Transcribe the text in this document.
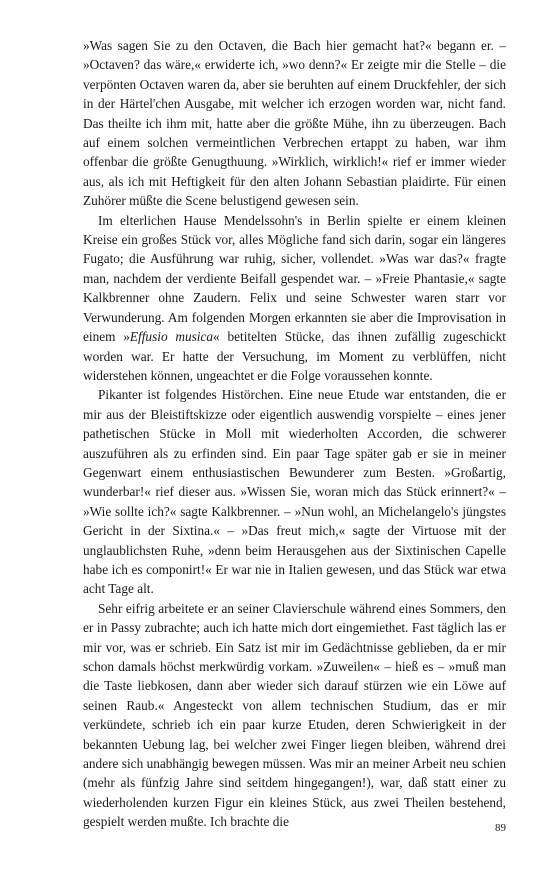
»Was sagen Sie zu den Octaven, die Bach hier gemacht hat?« begann er. – »Octaven? das wäre,« erwiderte ich, »wo denn?« Er zeigte mir die Stelle – die verpönten Octaven waren da, aber sie beruhten auf einem Druckfehler, der sich in der Härtel'chen Ausgabe, mit welcher ich erzogen worden war, nicht fand. Das theilte ich ihm mit, hatte aber die größte Mühe, ihn zu überzeugen. Bach auf einem solchen vermeintlichen Verbrechen ertappt zu haben, war ihm offenbar die größte Genugthuung. »Wirklich, wirklich!« rief er immer wieder aus, als ich mit Heftigkeit für den alten Johann Sebastian plaidirte. Für einen Zuhörer müßte die Scene belustigend gewesen sein.

Im elterlichen Hause Mendelssohn's in Berlin spielte er einem kleinen Kreise ein großes Stück vor, alles Mögliche fand sich darin, sogar ein längeres Fugato; die Ausführung war ruhig, sicher, vollendet. »Was war das?« fragte man, nachdem der verdiente Beifall gespendet war. – »Freie Phantasie,« sagte Kalkbrenner ohne Zaudern. Felix und seine Schwester waren starr vor Verwunderung. Am folgenden Morgen erkannten sie aber die Improvisation in einem »Effusio musica« betitelten Stücke, das ihnen zufällig zugeschickt worden war. Er hatte der Versuchung, im Moment zu verblüffen, nicht widerstehen können, ungeachtet er die Folge voraussehen konnte.

Pikanter ist folgendes Histörchen. Eine neue Etude war entstanden, die er mir aus der Bleistiftskizze oder eigentlich auswendig vorspielte – eines jener pathetischen Stücke in Moll mit wiederholten Accorden, die schwerer auszuführen als zu erfinden sind. Ein paar Tage später gab er sie in meiner Gegenwart einem enthusiastischen Bewunderer zum Besten. »Großartig, wunderbar!« rief dieser aus. »Wissen Sie, woran mich das Stück erinnert?« – »Wie sollte ich?« sagte Kalkbrenner. – »Nun wohl, an Michelangelo's jüngstes Gericht in der Sixtina.« – »Das freut mich,« sagte der Virtuose mit der unglaublichsten Ruhe, »denn beim Herausgehen aus der Sixtinischen Capelle habe ich es componirt!« Er war nie in Italien gewesen, und das Stück war etwa acht Tage alt.

Sehr eifrig arbeitete er an seiner Clavierschule während eines Sommers, den er in Passy zubrachte; auch ich hatte mich dort eingemiethet. Fast täglich las er mir vor, was er schrieb. Ein Satz ist mir im Gedächtnisse geblieben, da er mir schon damals höchst merkwürdig vorkam. »Zuweilen« – hieß es – »muß man die Taste liebkosen, dann aber wieder sich darauf stürzen wie ein Löwe auf seinen Raub.« Angesteckt von allem technischen Studium, das er mir verkündete, schrieb ich ein paar kurze Etuden, deren Schwierigkeit in der bekannten Uebung lag, bei welcher zwei Finger liegen bleiben, während drei andere sich unabhängig bewegen müssen. Was mir an meiner Arbeit neu schien (mehr als fünfzig Jahre sind seitdem hingegangen!), war, daß statt einer zu wiederholenden kurzen Figur ein kleines Stück, aus zwei Theilen bestehend, gespielt werden mußte. Ich brachte die	89
